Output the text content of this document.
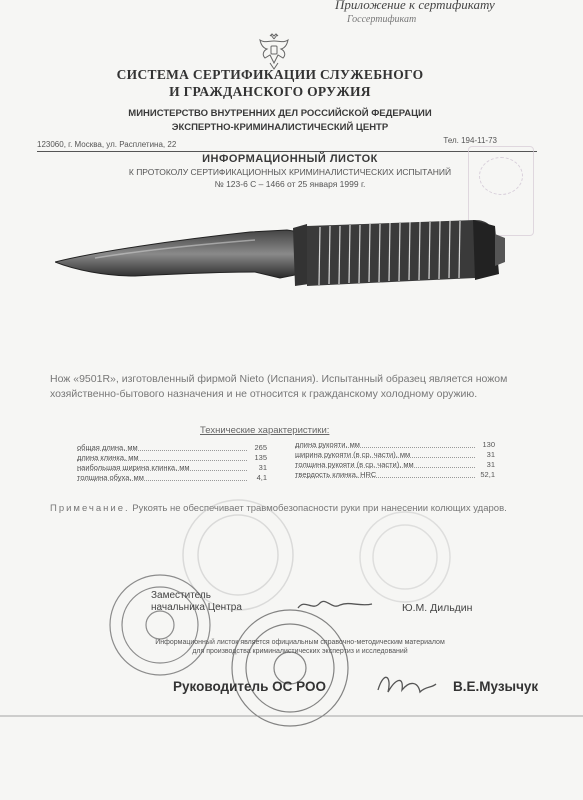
Приложение к сертификату
Госсертификат
СИСТЕМА СЕРТИФИКАЦИИ СЛУЖЕБНОГО
И ГРАЖДАНСКОГО ОРУЖИЯ
МИНИСТЕРСТВО ВНУТРЕННИХ ДЕЛ РОССИЙСКОЙ ФЕДЕРАЦИИ
ЭКСПЕРТНО-КРИМИНАЛИСТИЧЕСКИЙ ЦЕНТР
123060, г. Москва, ул. Расплетина, 22	Тел. 194-11-73
ИНФОРМАЦИОННЫЙ ЛИСТОК
К ПРОТОКОЛУ СЕРТИФИКАЦИОННЫХ КРИМИНАЛИСТИЧЕСКИХ ИСПЫТАНИЙ
№ 123-6 С – 1466 от 25 января 1999 г.
Нож «9501R», изготовленный фирмой Nieto (Испания). Испытанный образец является ножом хозяйственно-бытового назначения и не относится к гражданскому холодному оружию.
Технические характеристики:
общая длина, мм	265
длина клинка, мм	135
наибольшая ширина клинка, мм	31
толщина обуха, мм	4,1
длина рукояти, мм	130
ширина рукояти (в ср. части), мм	31
толщина рукояти (в ср. части), мм	31
твердость клинка, HRC	52,1
Примечание. Рукоять не обеспечивает травмобезопасности руки при нанесении колющих ударов.
Заместитель
начальника Центра	Ю.М. Дильдин
Информационный листок является официальным справочно-методическим материалом
для производства криминалистических экспертиз и исследований
Руководитель ОС РОО	В.Е.Музычук
